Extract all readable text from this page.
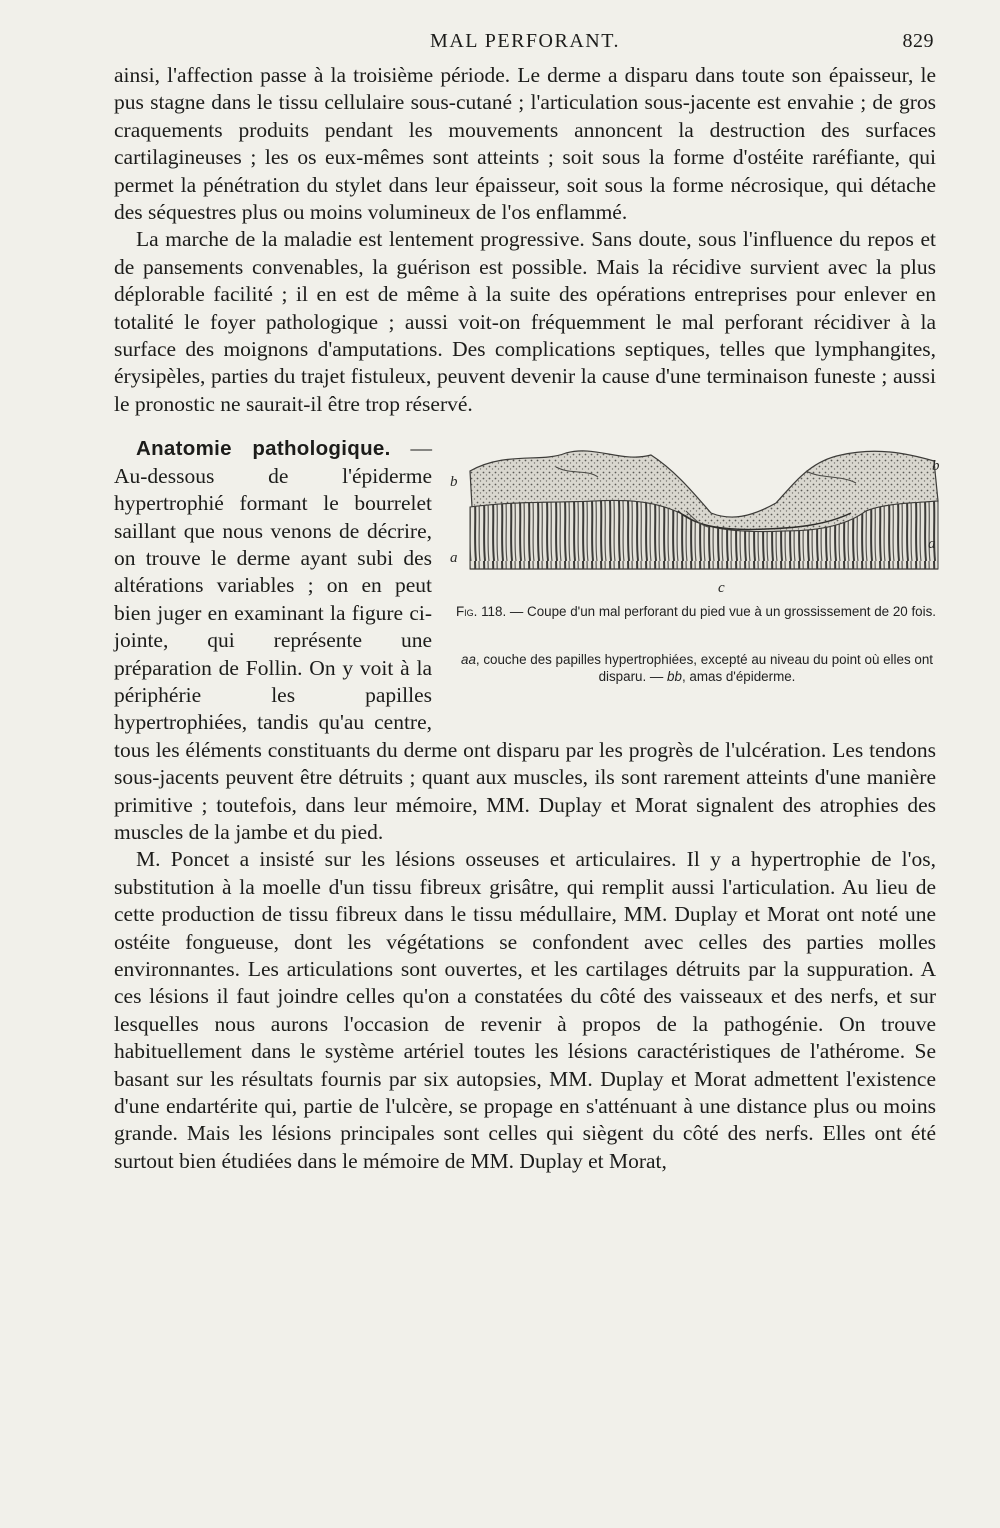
MAL PERFORANT.	829

ainsi, l'affection passe à la troisième période. Le derme a disparu dans toute son épaisseur, le pus stagne dans le tissu cellulaire sous-cutané ; l'articulation sous-jacente est envahie ; de gros craquements produits pendant les mouvements annoncent la destruction des surfaces cartilagineuses ; les os eux-mêmes sont atteints ; soit sous la forme d'ostéite raréfiante, qui permet la pénétration du stylet dans leur épaisseur, soit sous la forme nécrosique, qui détache des séquestres plus ou moins volumineux de l'os enflammé.

La marche de la maladie est lentement progressive. Sans doute, sous l'influence du repos et de pansements convenables, la guérison est possible. Mais la récidive survient avec la plus déplorable facilité ; il en est de même à la suite des opérations entreprises pour enlever en totalité le foyer pathologique ; aussi voit-on fréquemment le mal perforant récidiver à la surface des moignons d'amputations. Des complications septiques, telles que lymphangites, érysipèles, parties du trajet fistuleux, peuvent devenir la cause d'une terminaison funeste ; aussi le pronostic ne saurait-il être trop réservé.

b
b
a
a
c
Fig. 118. — Coupe d'un mal perforant du pied vue à un grossissement de 20 fois.
aa, couche des papilles hypertrophiées, excepté au niveau du point où elles ont disparu. — bb, amas d'épiderme.

Anatomie pathologique. — Au-dessous de l'épiderme hypertrophié formant le bourrelet saillant que nous venons de décrire, on trouve le derme ayant subi des altérations variables ; on en peut bien juger en examinant la figure ci-jointe, qui représente une préparation de Follin. On y voit à la périphérie les papilles hypertrophiées, tandis qu'au centre, tous les éléments constituants du derme ont disparu par les progrès de l'ulcération. Les tendons sous-jacents peuvent être détruits ; quant aux muscles, ils sont rarement atteints d'une manière primitive ; toutefois, dans leur mémoire, MM. Duplay et Morat signalent des atrophies des muscles de la jambe et du pied.

M. Poncet a insisté sur les lésions osseuses et articulaires. Il y a hypertrophie de l'os, substitution à la moelle d'un tissu fibreux grisâtre, qui remplit aussi l'articulation. Au lieu de cette production de tissu fibreux dans le tissu médullaire, MM. Duplay et Morat ont noté une ostéite fongueuse, dont les végétations se confondent avec celles des parties molles environnantes. Les articulations sont ouvertes, et les cartilages détruits par la suppuration. A ces lésions il faut joindre celles qu'on a constatées du côté des vaisseaux et des nerfs, et sur lesquelles nous aurons l'occasion de revenir à propos de la pathogénie. On trouve habituellement dans le système artériel toutes les lésions caractéristiques de l'athérome. Se basant sur les résultats fournis par six autopsies, MM. Duplay et Morat admettent l'existence d'une endartérite qui, partie de l'ulcère, se propage en s'atténuant à une distance plus ou moins grande. Mais les lésions principales sont celles qui siègent du côté des nerfs. Elles ont été surtout bien étudiées dans le mémoire de MM. Duplay et Morat,
